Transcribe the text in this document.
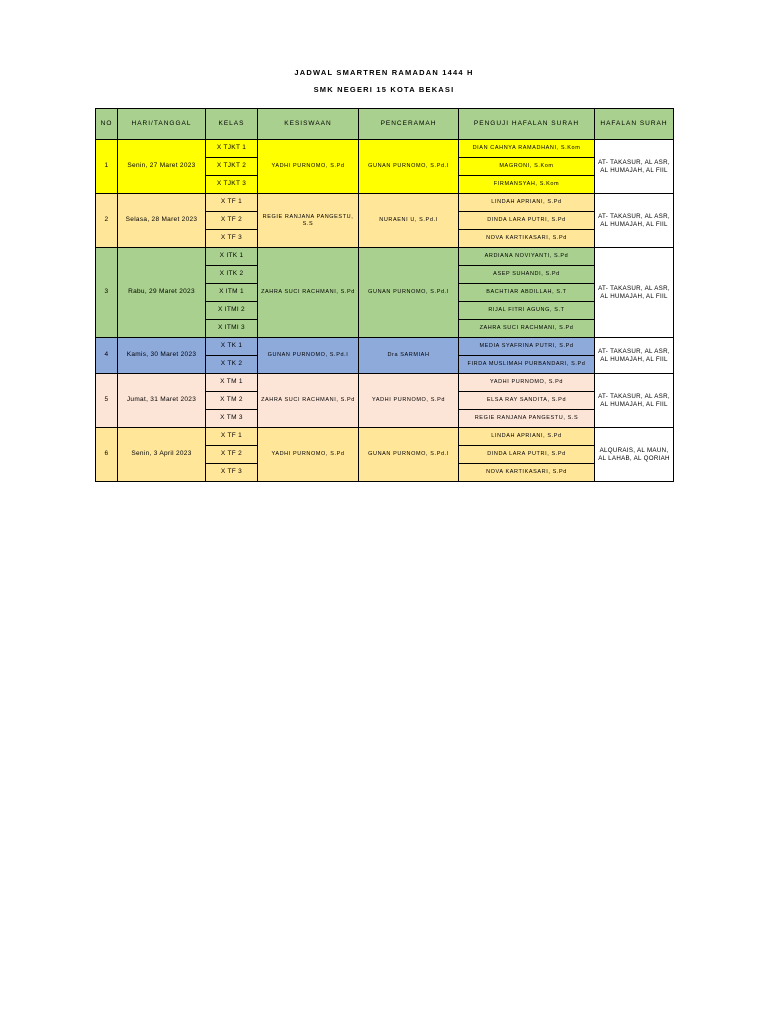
JADWAL SMARTREN RAMADAN 1444 H
SMK NEGERI 15 KOTA BEKASI
NO	HARI/TANGGAL	KELAS	KESISWAAN	PENCERAMAH	PENGUJI HAFALAN SURAH	HAFALAN SURAH
1	Senin, 27 Maret 2023	X TJKT 1	YADHI PURNOMO, S.Pd	GUNAN PURNOMO, S.Pd.I	DIAN CAHNYA RAMADHANI, S.Kom	AT- TAKASUR, AL ASR, AL HUMAJAH, AL FIIL
		X TJKT 2			MAGRONI, S.Kom	
		X TJKT 3			FIRMANSYAH, S.Kom	
2	Selasa, 28 Maret 2023	X TF 1	REGIE RANJANA PANGESTU, S.S	NURAENI U, S.Pd.I	LINDAH APRIANI, S.Pd	AT- TAKASUR, AL ASR, AL HUMAJAH, AL FIIL
		X TF 2			DINDA LARA PUTRI, S.Pd	
		X TF 3			NOVA KARTIKASARI, S.Pd	
3	Rabu, 29 Maret 2023	X ITK 1	ZAHRA SUCI RACHMANI, S.Pd	GUNAN PURNOMO, S.Pd.I	ARDIANA NOVIYANTI, S.Pd	AT- TAKASUR, AL ASR, AL HUMAJAH, AL FIIL
		X ITK 2			ASEP SUHANDI, S.Pd	
		X ITM 1			BACHTIAR ABDILLAH, S.T	
		X ITMI 2			RIJAL FITRI AGUNG, S.T	
		X ITMI 3			ZAHRA SUCI RACHMANI, S.Pd	
4	Kamis, 30 Maret 2023	X TK 1	GUNAN PURNOMO, S.Pd.I	Dra SARMIAH	MEDIA SYAFRINA PUTRI, S.Pd	AT- TAKASUR, AL ASR, AL HUMAJAH, AL FIIL
		X TK 2			FIRDA MUSLIMAH PURBANDARI, S.Pd	
5	Jumat, 31 Maret 2023	X TM 1	ZAHRA SUCI RACHMANI, S.Pd	YADHI PURNOMO, S.Pd	YADHI PURNOMO, S.Pd	AT- TAKASUR, AL ASR, AL HUMAJAH, AL FIIL
		X TM 2			ELSA RAY SANDITA, S.Pd	
		X TM 3			REGIE RANJANA PANGESTU, S.S	
6	Senin, 3 April 2023	X TF 1	YADHI PURNOMO, S.Pd	GUNAN PURNOMO, S.Pd.I	LINDAH APRIANI, S.Pd	ALQURAIS, AL MAUN, AL LAHAB, AL QORIAH
		X TF 2			DINDA LARA PUTRI, S.Pd	
		X TF 3			NOVA KARTIKASARI, S.Pd	
